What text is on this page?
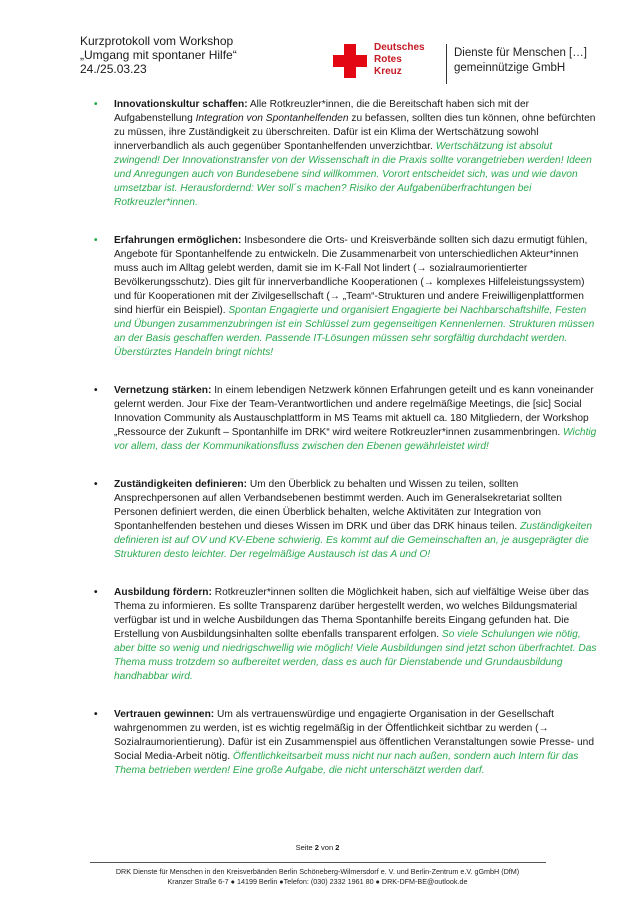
Kurzprotokoll vom Workshop
„Umgang mit spontaner Hilfe“
24./25.03.23
Deutsches
Rotes
Kreuz
Dienste für Menschen […]
gemeinnützige GmbH
• Innovationskultur schaffen: Alle Rotkreuzler*innen, die die Bereitschaft haben sich mit der Aufgabenstellung Integration von Spontanhelfenden zu befassen, sollten dies tun können, ohne befürchten zu müssen, ihre Zuständigkeit zu überschreiten. Dafür ist ein Klima der Wertschätzung sowohl innerverbandlich als auch gegenüber Spontanhelfenden unverzichtbar. Wertschätzung ist absolut zwingend! Der Innovationstransfer von der Wissenschaft in die Praxis sollte vorangetrieben werden! Ideen und Anregungen auch von Bundesebene sind willkommen. Vorort entscheidet sich, was und wie davon umsetzbar ist. Herausfordernd: Wer soll´s machen? Risiko der Aufgabenüberfrachtungen bei Rotkreuzler*innen.

• Erfahrungen ermöglichen: Insbesondere die Orts- und Kreisverbände sollten sich dazu ermutigt fühlen, Angebote für Spontanhelfende zu entwickeln. Die Zusammenarbeit von unterschiedlichen Akteur*innen muss auch im Alltag gelebt werden, damit sie im K-Fall Not lindert (→ sozialraumorientierter Bevölkerungsschutz). Dies gilt für innerverbandliche Kooperationen (→ komplexes Hilfeleistungssystem) und für Kooperationen mit der Zivilgesellschaft (→ „Team“-Strukturen und andere Freiwilligenplattformen sind hierfür ein Beispiel). Spontan Engagierte und organisiert Engagierte bei Nachbarschaftshilfe, Festen und Übungen zusammenzubringen ist ein Schlüssel zum gegenseitigen Kennenlernen. Strukturen müssen an der Basis geschaffen werden. Passende IT-Lösungen müssen sehr sorgfältig durchdacht werden. Überstürztes Handeln bringt nichts!

• Vernetzung stärken: In einem lebendigen Netzwerk können Erfahrungen geteilt und es kann voneinander gelernt werden. Jour Fixe der Team-Verantwortlichen und andere regelmäßige Meetings, die [sic] Social Innovation Community als Austauschplattform in MS Teams mit aktuell ca. 180 Mitgliedern, der Workshop „Ressource der Zukunft – Spontanhilfe im DRK“ wird weitere Rotkreuzler*innen zusammenbringen. Wichtig vor allem, dass der Kommunikationsfluss zwischen den Ebenen gewährleistet wird!

• Zuständigkeiten definieren: Um den Überblick zu behalten und Wissen zu teilen, sollten Ansprechpersonen auf allen Verbandsebenen bestimmt werden. Auch im Generalsekretariat sollten Personen definiert werden, die einen Überblick behalten, welche Aktivitäten zur Integration von Spontanhelfenden bestehen und dieses Wissen im DRK und über das DRK hinaus teilen. Zuständigkeiten definieren ist auf OV und KV-Ebene schwierig. Es kommt auf die Gemeinschaften an, je ausgeprägter die Strukturen desto leichter. Der regelmäßige Austausch ist das A und O!

• Ausbildung fördern: Rotkreuzler*innen sollten die Möglichkeit haben, sich auf vielfältige Weise über das Thema zu informieren. Es sollte Transparenz darüber hergestellt werden, wo welches Bildungsmaterial verfügbar ist und in welche Ausbildungen das Thema Spontanhilfe bereits Eingang gefunden hat. Die Erstellung von Ausbildungsinhalten sollte ebenfalls transparent erfolgen. So viele Schulungen wie nötig, aber bitte so wenig und niedrigschwellig wie möglich! Viele Ausbildungen sind jetzt schon überfrachtet. Das Thema muss trotzdem so aufbereitet werden, dass es auch für Dienstabende und Grundausbildung handhabbar wird.

• Vertrauen gewinnen: Um als vertrauenswürdige und engagierte Organisation in der Gesellschaft wahrgenommen zu werden, ist es wichtig regelmäßig in der Öffentlichkeit sichtbar zu werden (→ Sozialraumorientierung). Dafür ist ein Zusammenspiel aus öffentlichen Veranstaltungen sowie Presse- und Social Media-Arbeit nötig. Öffentlichkeitsarbeit muss nicht nur nach außen, sondern auch Intern für das Thema betrieben werden! Eine große Aufgabe, die nicht unterschätzt werden darf.

Seite 2 von 2
DRK Dienste für Menschen in den Kreisverbänden Berlin Schöneberg-Wilmersdorf e. V. und Berlin-Zentrum e.V. gGmbH (DfM)
Kranzer Straße 6-7 ● 14199 Berlin ●Telefon: (030) 2332 1961 80 ● DRK-DFM-BE@outlook.de
